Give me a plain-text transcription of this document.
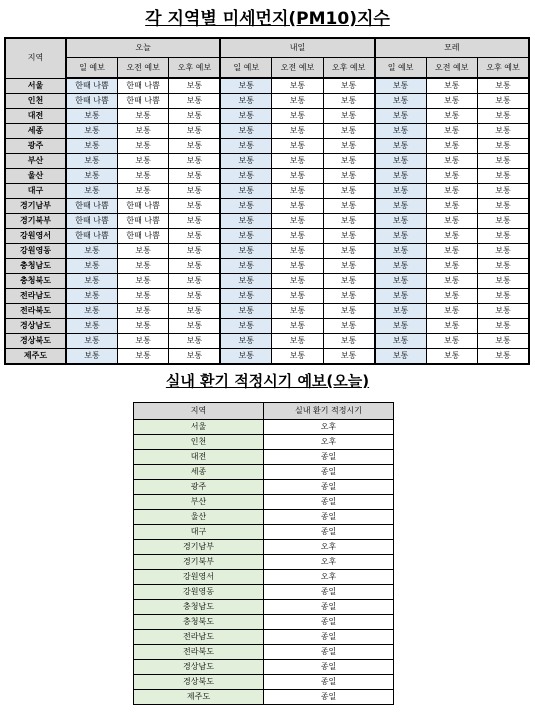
각 지역별 미세먼지(PM10)지수
지역	오늘			내일			모레		
	일 예보	오전 예보	오후 예보	일 예보	오전 예보	오후 예보	일 예보	오전 예보	오후 예보
서울	한때 나쁨	한때 나쁨	보통	보통	보통	보통	보통	보통	보통
인천	한때 나쁨	한때 나쁨	보통	보통	보통	보통	보통	보통	보통
대전	보통	보통	보통	보통	보통	보통	보통	보통	보통
세종	보통	보통	보통	보통	보통	보통	보통	보통	보통
광주	보통	보통	보통	보통	보통	보통	보통	보통	보통
부산	보통	보통	보통	보통	보통	보통	보통	보통	보통
울산	보통	보통	보통	보통	보통	보통	보통	보통	보통
대구	보통	보통	보통	보통	보통	보통	보통	보통	보통
경기남부	한때 나쁨	한때 나쁨	보통	보통	보통	보통	보통	보통	보통
경기북부	한때 나쁨	한때 나쁨	보통	보통	보통	보통	보통	보통	보통
강원영서	한때 나쁨	한때 나쁨	보통	보통	보통	보통	보통	보통	보통
강원영동	보통	보통	보통	보통	보통	보통	보통	보통	보통
충청남도	보통	보통	보통	보통	보통	보통	보통	보통	보통
충청북도	보통	보통	보통	보통	보통	보통	보통	보통	보통
전라남도	보통	보통	보통	보통	보통	보통	보통	보통	보통
전라북도	보통	보통	보통	보통	보통	보통	보통	보통	보통
경상남도	보통	보통	보통	보통	보통	보통	보통	보통	보통
경상북도	보통	보통	보통	보통	보통	보통	보통	보통	보통
제주도	보통	보통	보통	보통	보통	보통	보통	보통	보통
실내 환기 적정시기 예보(오늘)
지역	실내 환기 적정시기
서울	오후
인천	오후
대전	종일
세종	종일
광주	종일
부산	종일
울산	종일
대구	종일
경기남부	오후
경기북부	오후
강원영서	오후
강원영동	종일
충청남도	종일
충청북도	종일
전라남도	종일
전라북도	종일
경상남도	종일
경상북도	종일
제주도	종일
